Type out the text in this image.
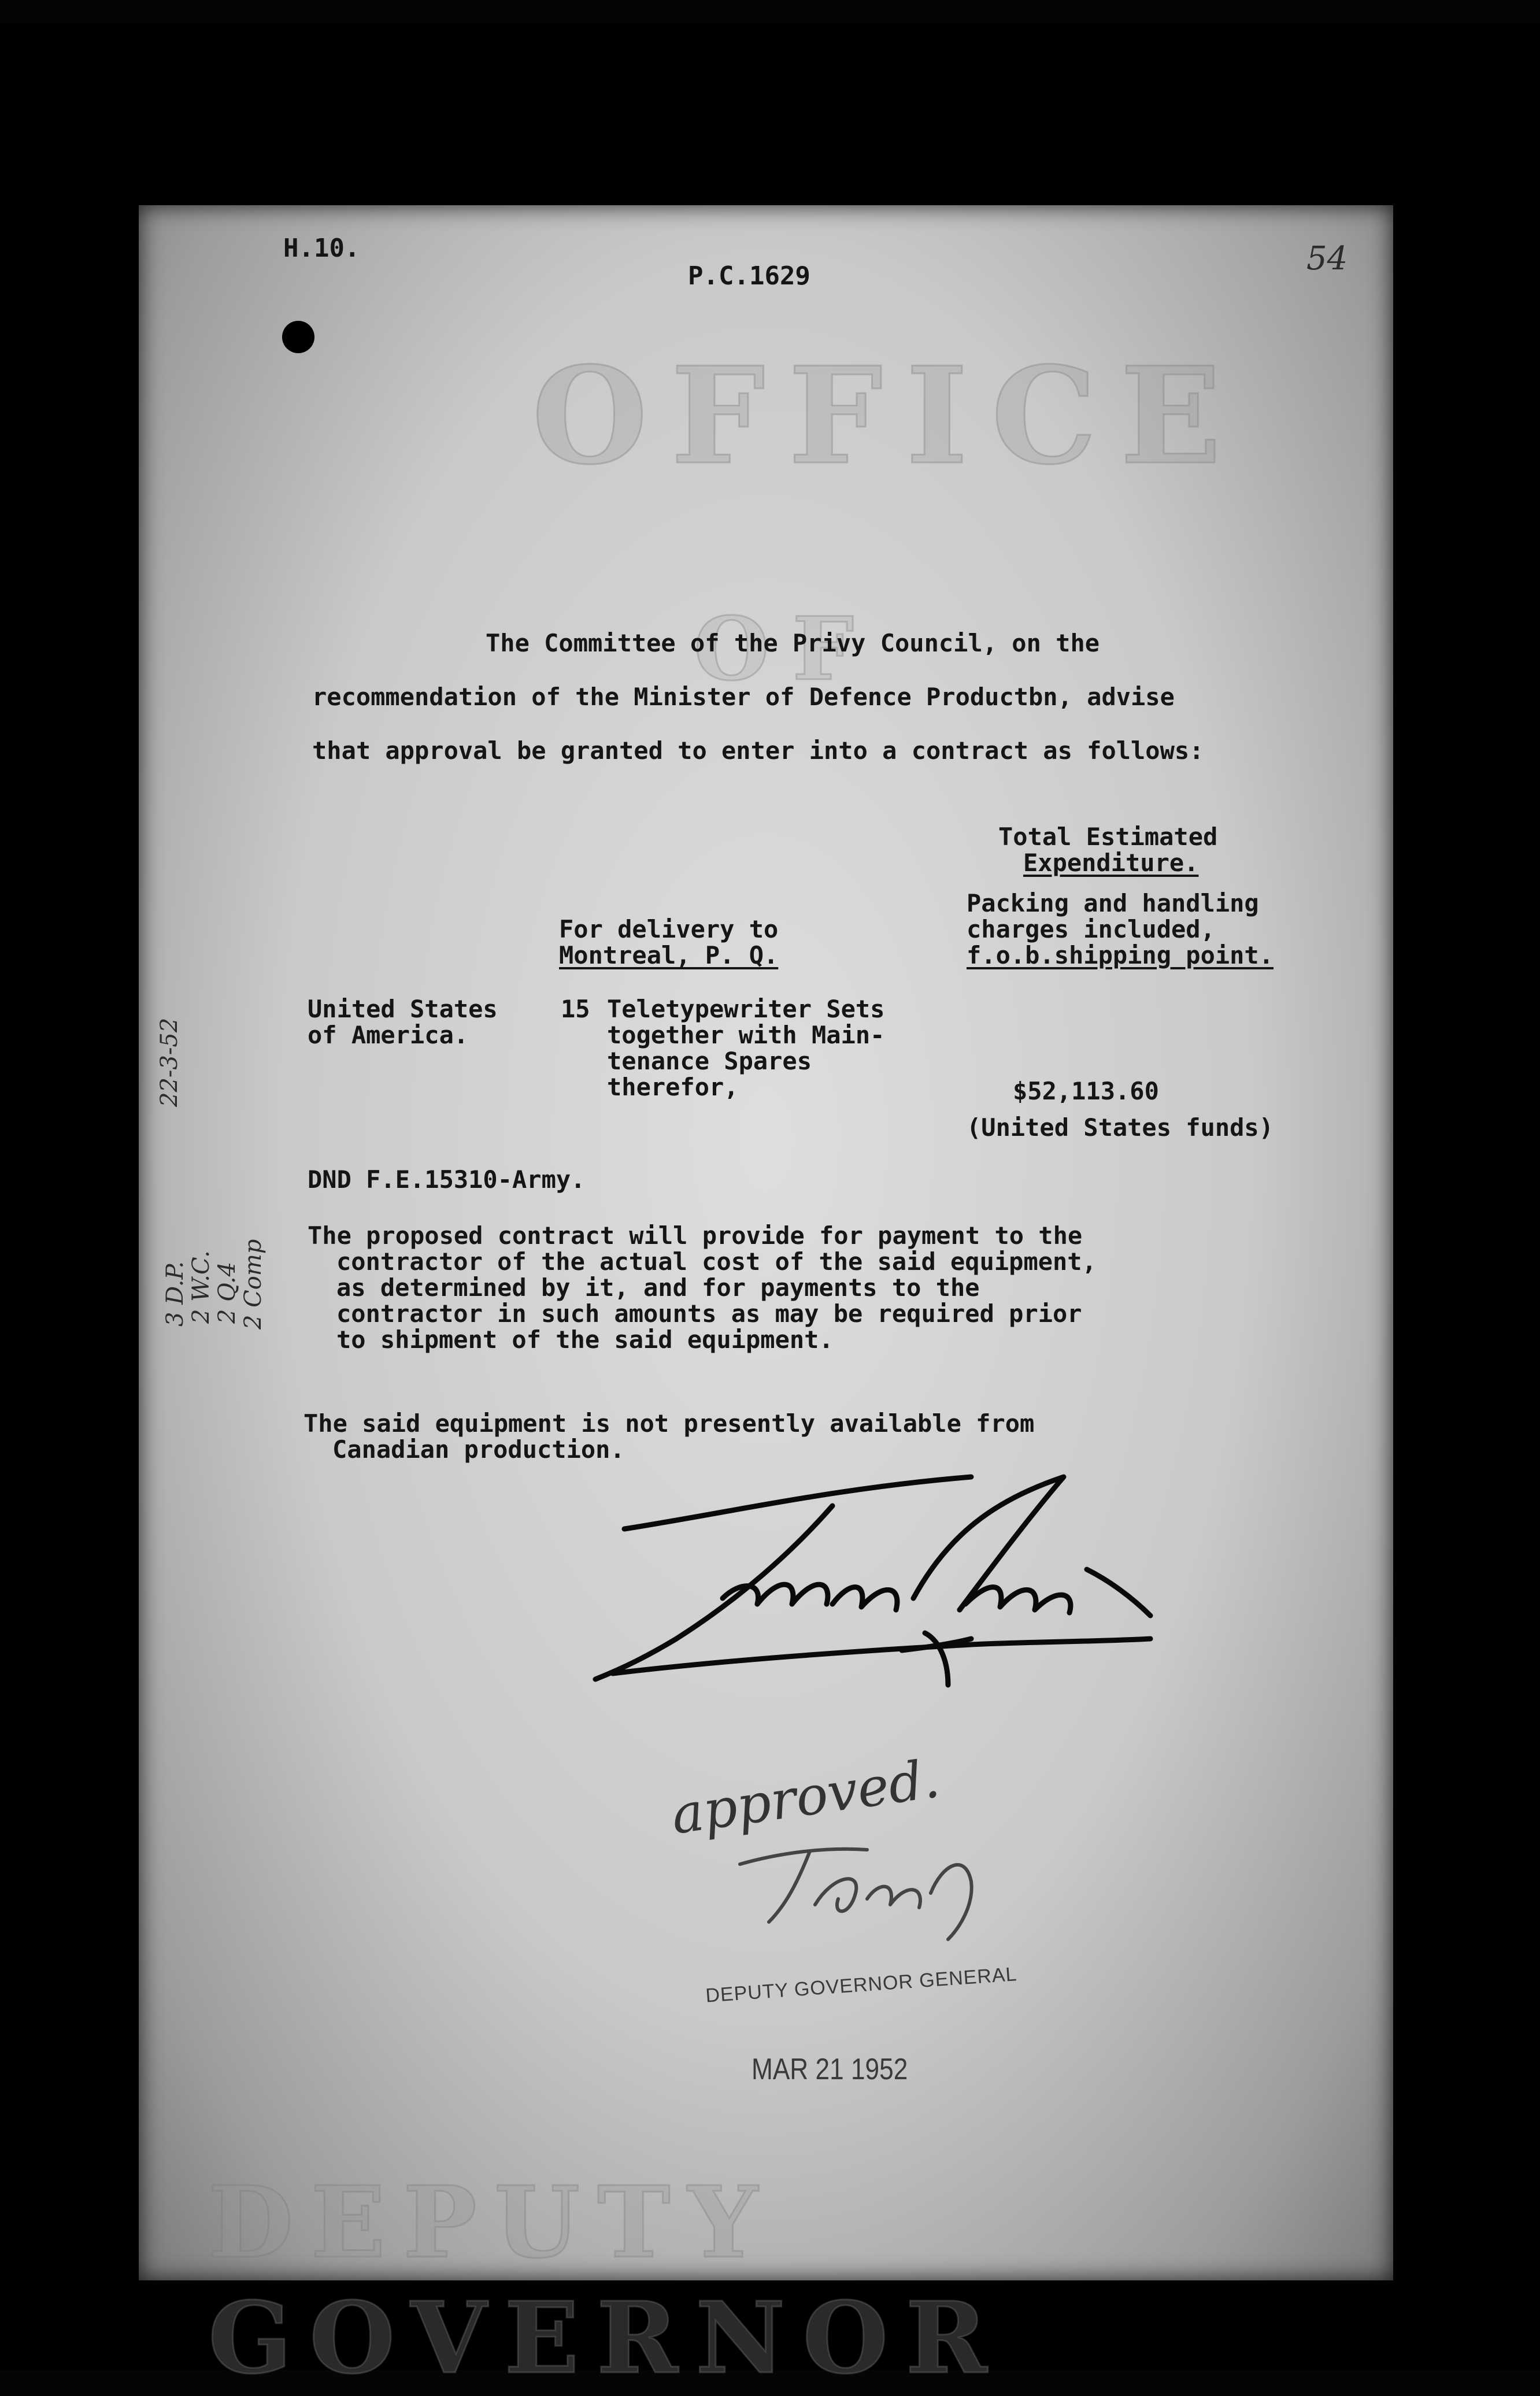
OFFICE
OF
DEPUTY GOVERNOR
H.10.
P.C.1629	54
The Committee of the Privy Council, on the
recommendation of the Minister of Defence Productbn, advise
that approval be granted to enter into a contract as follows:
Total Estimated
Expenditure.
Packing and handling
charges included,
f.o.b.shipping point.
For delivery to
Montreal, P. Q.
United States
of America.
15 Teletypewriter Sets
together with Main-
tenance Spares
therefor,	$52,113.60
(United States funds)
DND F.E.15310-Army.
The proposed contract will provide for payment to the
contractor of the actual cost of the said equipment,
as determined by it, and for payments to the
contractor in such amounts as may be required prior
to shipment of the said equipment.
The said equipment is not presently available from
Canadian production.
22-3-52
3 D.P. 2 W.C. 2 Q.4 2 Comp
approved.
DEPUTY GOVERNOR GENERAL
MAR 21 1952
